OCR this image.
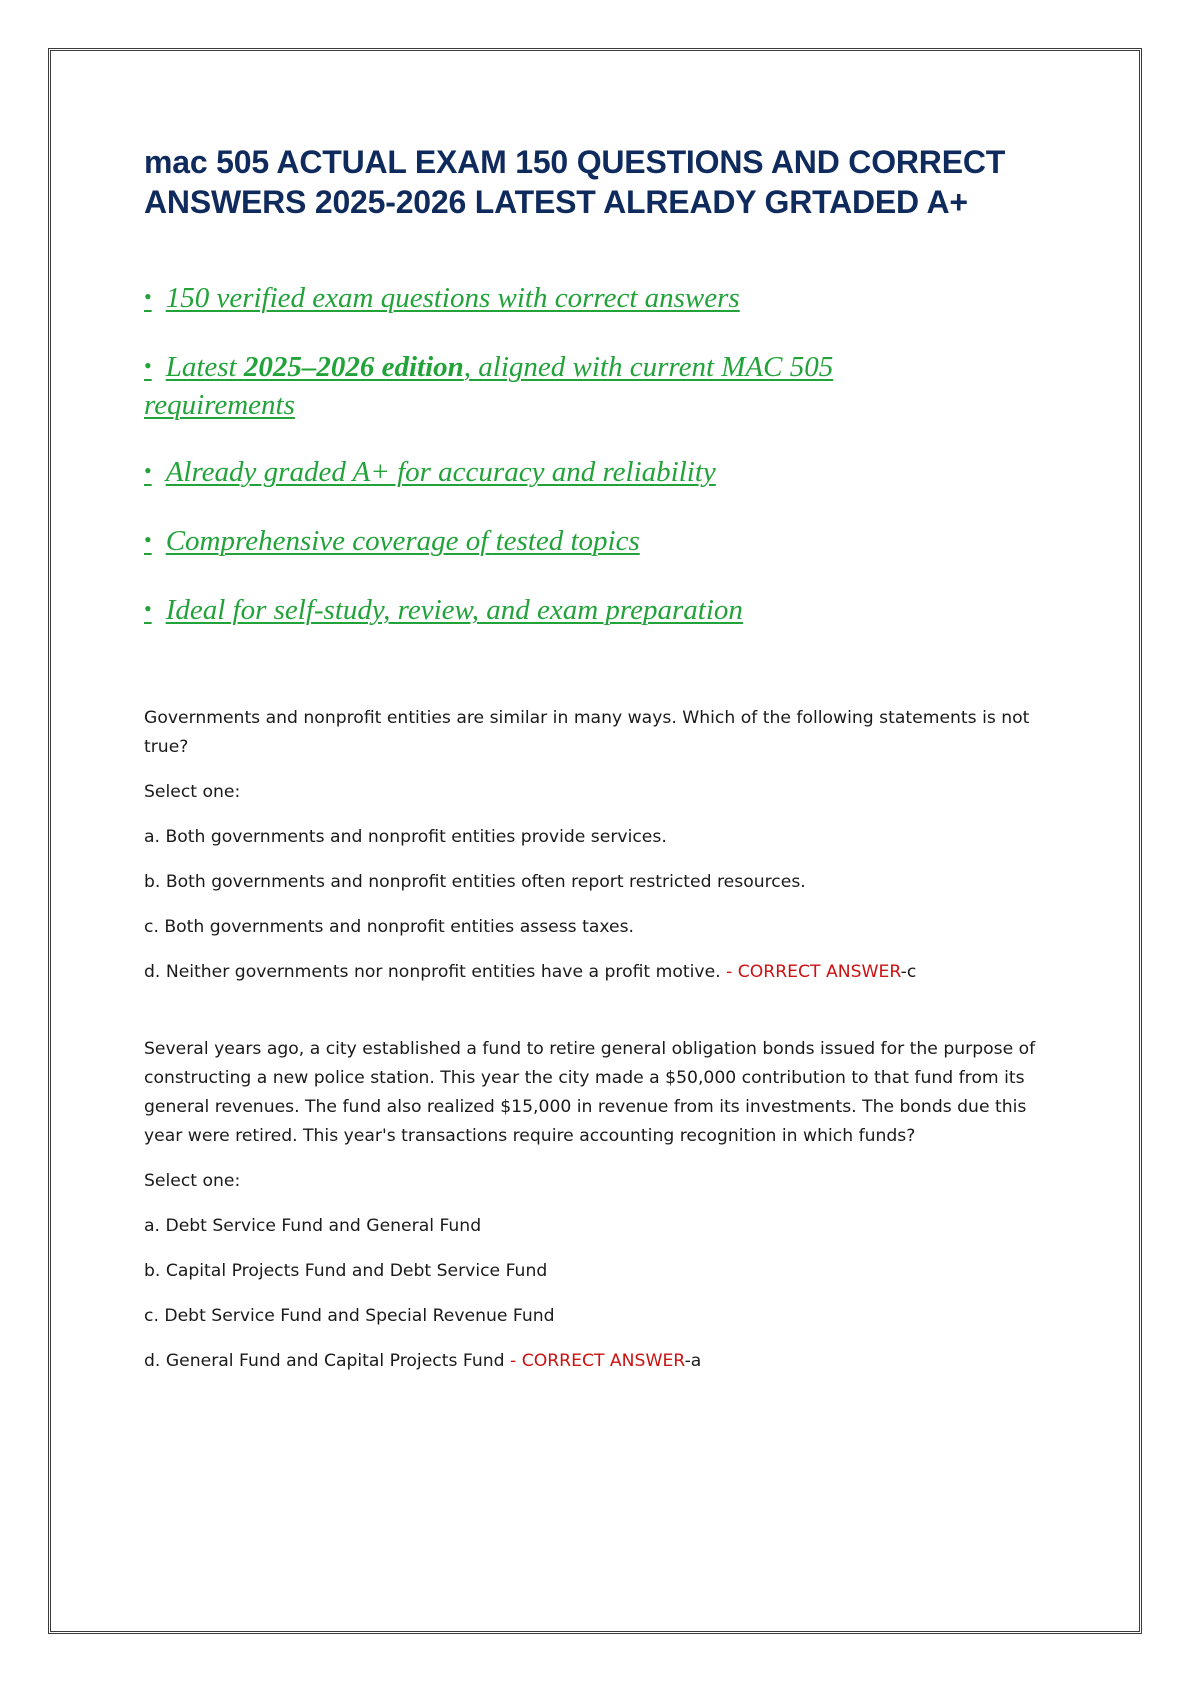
mac 505 ACTUAL EXAM 150 QUESTIONS AND CORRECT ANSWERS 2025-2026 LATEST ALREADY GRTADED A+
• 150 verified exam questions with correct answers
• Latest 2025–2026 edition, aligned with current MAC 505 requirements
• Already graded A+ for accuracy and reliability
• Comprehensive coverage of tested topics
• Ideal for self-study, review, and exam preparation

Governments and nonprofit entities are similar in many ways. Which of the following statements is not true?

Select one:

a. Both governments and nonprofit entities provide services.

b. Both governments and nonprofit entities often report restricted resources.

c. Both governments and nonprofit entities assess taxes.

d. Neither governments nor nonprofit entities have a profit motive. - CORRECT ANSWER-c

Several years ago, a city established a fund to retire general obligation bonds issued for the purpose of constructing a new police station. This year the city made a $50,000 contribution to that fund from its general revenues. The fund also realized $15,000 in revenue from its investments. The bonds due this year were retired. This year's transactions require accounting recognition in which funds?

Select one:

a. Debt Service Fund and General Fund

b. Capital Projects Fund and Debt Service Fund

c. Debt Service Fund and Special Revenue Fund

d. General Fund and Capital Projects Fund - CORRECT ANSWER-a
